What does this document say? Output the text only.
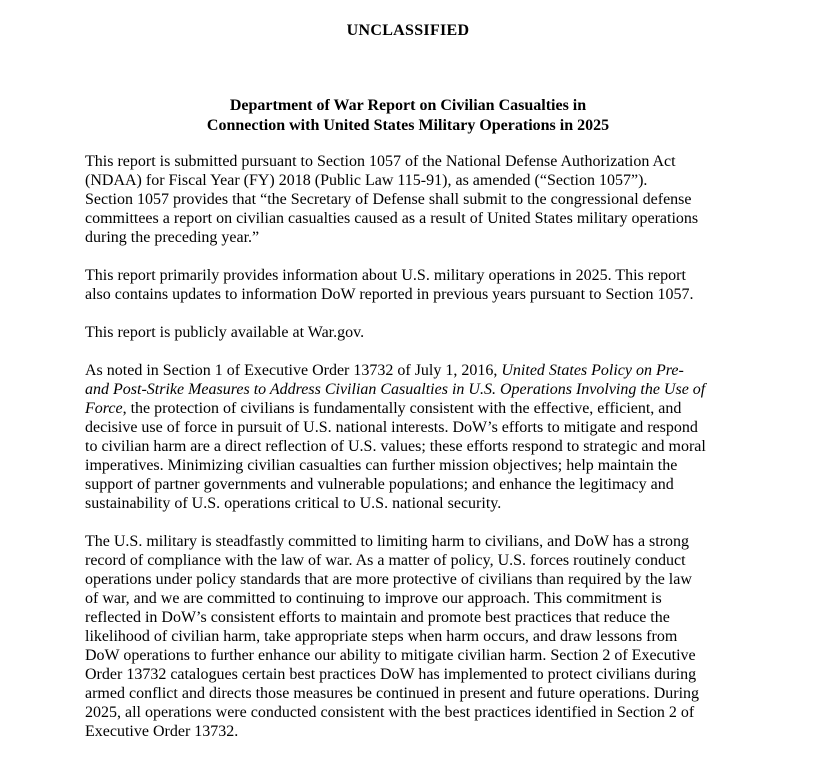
UNCLASSIFIED
Department of War Report on Civilian Casualties in
Connection with United States Military Operations in 2025

This report is submitted pursuant to Section 1057 of the National Defense Authorization Act
(NDAA) for Fiscal Year (FY) 2018 (Public Law 115-91), as amended (“Section 1057”).
Section 1057 provides that “the Secretary of Defense shall submit to the congressional defense
committees a report on civilian casualties caused as a result of United States military operations
during the preceding year.”

This report primarily provides information about U.S. military operations in 2025. This report
also contains updates to information DoW reported in previous years pursuant to Section 1057.

This report is publicly available at War.gov.

As noted in Section 1 of Executive Order 13732 of July 1, 2016, United States Policy on Pre-
and Post-Strike Measures to Address Civilian Casualties in U.S. Operations Involving the Use of
Force, the protection of civilians is fundamentally consistent with the effective, efficient, and
decisive use of force in pursuit of U.S. national interests. DoW’s efforts to mitigate and respond
to civilian harm are a direct reflection of U.S. values; these efforts respond to strategic and moral
imperatives. Minimizing civilian casualties can further mission objectives; help maintain the
support of partner governments and vulnerable populations; and enhance the legitimacy and
sustainability of U.S. operations critical to U.S. national security.

The U.S. military is steadfastly committed to limiting harm to civilians, and DoW has a strong
record of compliance with the law of war. As a matter of policy, U.S. forces routinely conduct
operations under policy standards that are more protective of civilians than required by the law
of war, and we are committed to continuing to improve our approach. This commitment is
reflected in DoW’s consistent efforts to maintain and promote best practices that reduce the
likelihood of civilian harm, take appropriate steps when harm occurs, and draw lessons from
DoW operations to further enhance our ability to mitigate civilian harm. Section 2 of Executive
Order 13732 catalogues certain best practices DoW has implemented to protect civilians during
armed conflict and directs those measures be continued in present and future operations. During
2025, all operations were conducted consistent with the best practices identified in Section 2 of
Executive Order 13732.
